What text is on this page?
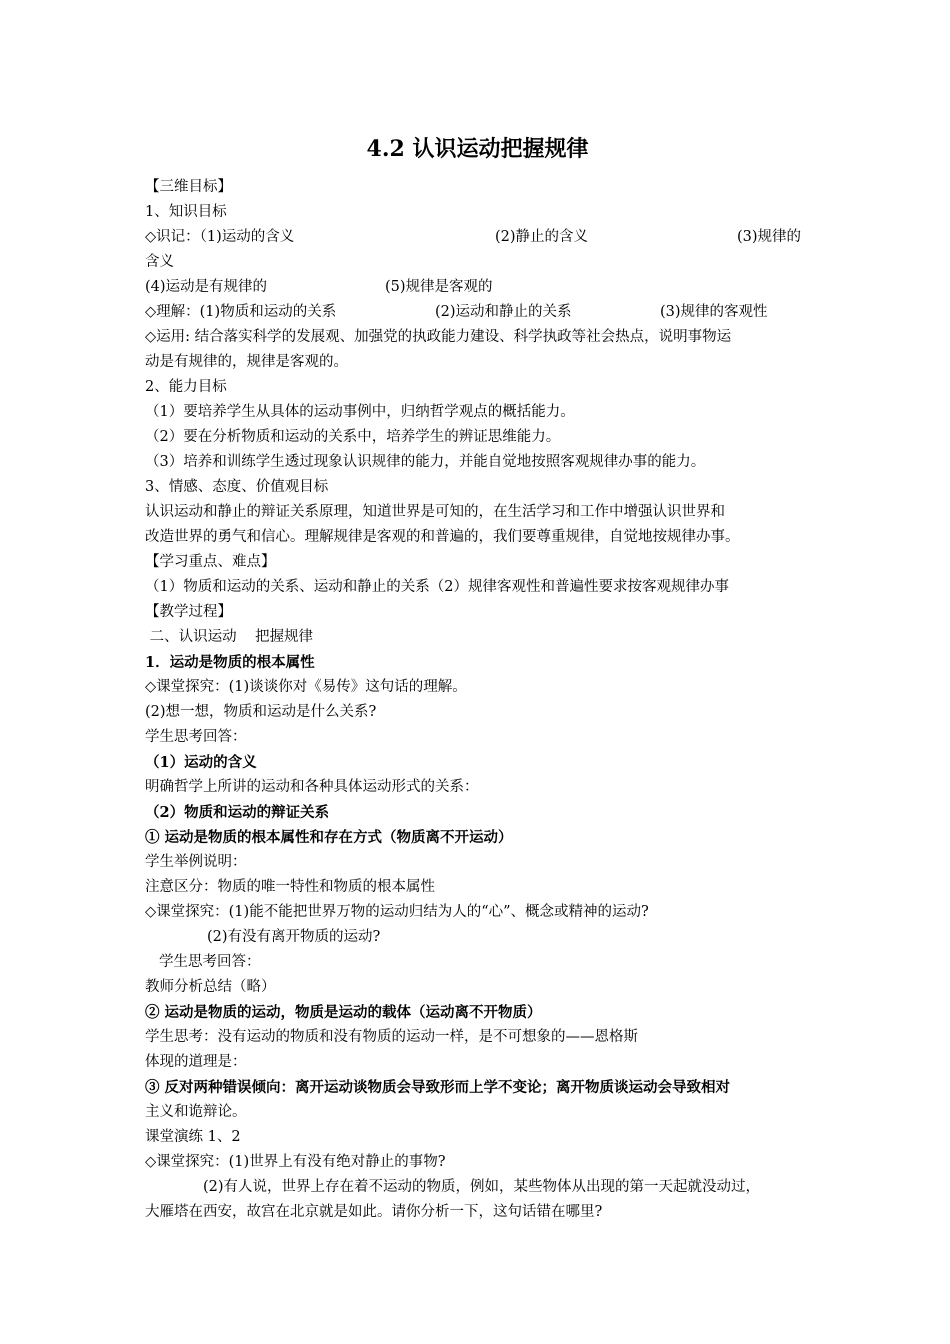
4.2 认识运动把握规律
【三维目标】
1、知识目标
◇识记：（1)运动的含义	(2)静止的含义	(3)规律的
含义
(4)运动是有规律的	(5)规律是客观的
◇理解：(1)物质和运动的关系	(2)运动和静止的关系	(3)规律的客观性
◇运用: 结合落实科学的发展观、加强党的执政能力建设、科学执政等社会热点，说明事物运
动是有规律的，规律是客观的。
2、能力目标
（1）要培养学生从具体的运动事例中，归纳哲学观点的概括能力。
（2）要在分析物质和运动的关系中，培养学生的辨证思维能力。
（3）培养和训练学生透过现象认识规律的能力，并能自觉地按照客观规律办事的能力。
3、情感、态度、价值观目标
认识运动和静止的辩证关系原理，知道世界是可知的，在生活学习和工作中增强认识世界和
改造世界的勇气和信心。理解规律是客观的和普遍的，我们要尊重规律，自觉地按规律办事。
【学习重点、难点】
（1）物质和运动的关系、运动和静止的关系（2）规律客观性和普遍性要求按客观规律办事
【教学过程】
二、认识运动    把握规律
1．运动是物质的根本属性
◇课堂探究：(1)谈谈你对《易传》这句话的理解。
(2)想一想，物质和运动是什么关系?
学生思考回答：
（1）运动的含义
明确哲学上所讲的运动和各种具体运动形式的关系：
（2）物质和运动的辩证关系
① 运动是物质的根本属性和存在方式（物质离不开运动）
学生举例说明：
注意区分：物质的唯一特性和物质的根本属性
◇课堂探究：(1)能不能把世界万物的运动归结为人的“心”、概念或精神的运动?
(2)有没有离开物质的运动?
学生思考回答：
教师分析总结（略）
② 运动是物质的运动，物质是运动的载体（运动离不开物质）
学生思考：没有运动的物质和没有物质的运动一样，是不可想象的——恩格斯
体现的道理是：
③ 反对两种错误倾向：离开运动谈物质会导致形而上学不变论；离开物质谈运动会导致相对
主义和诡辩论。
课堂演练 1、2
◇课堂探究：(1)世界上有没有绝对静止的事物?
(2)有人说，世界上存在着不运动的物质，例如，某些物体从出现的第一天起就没动过，
大雁塔在西安，故宫在北京就是如此。请你分析一下，这句话错在哪里?
